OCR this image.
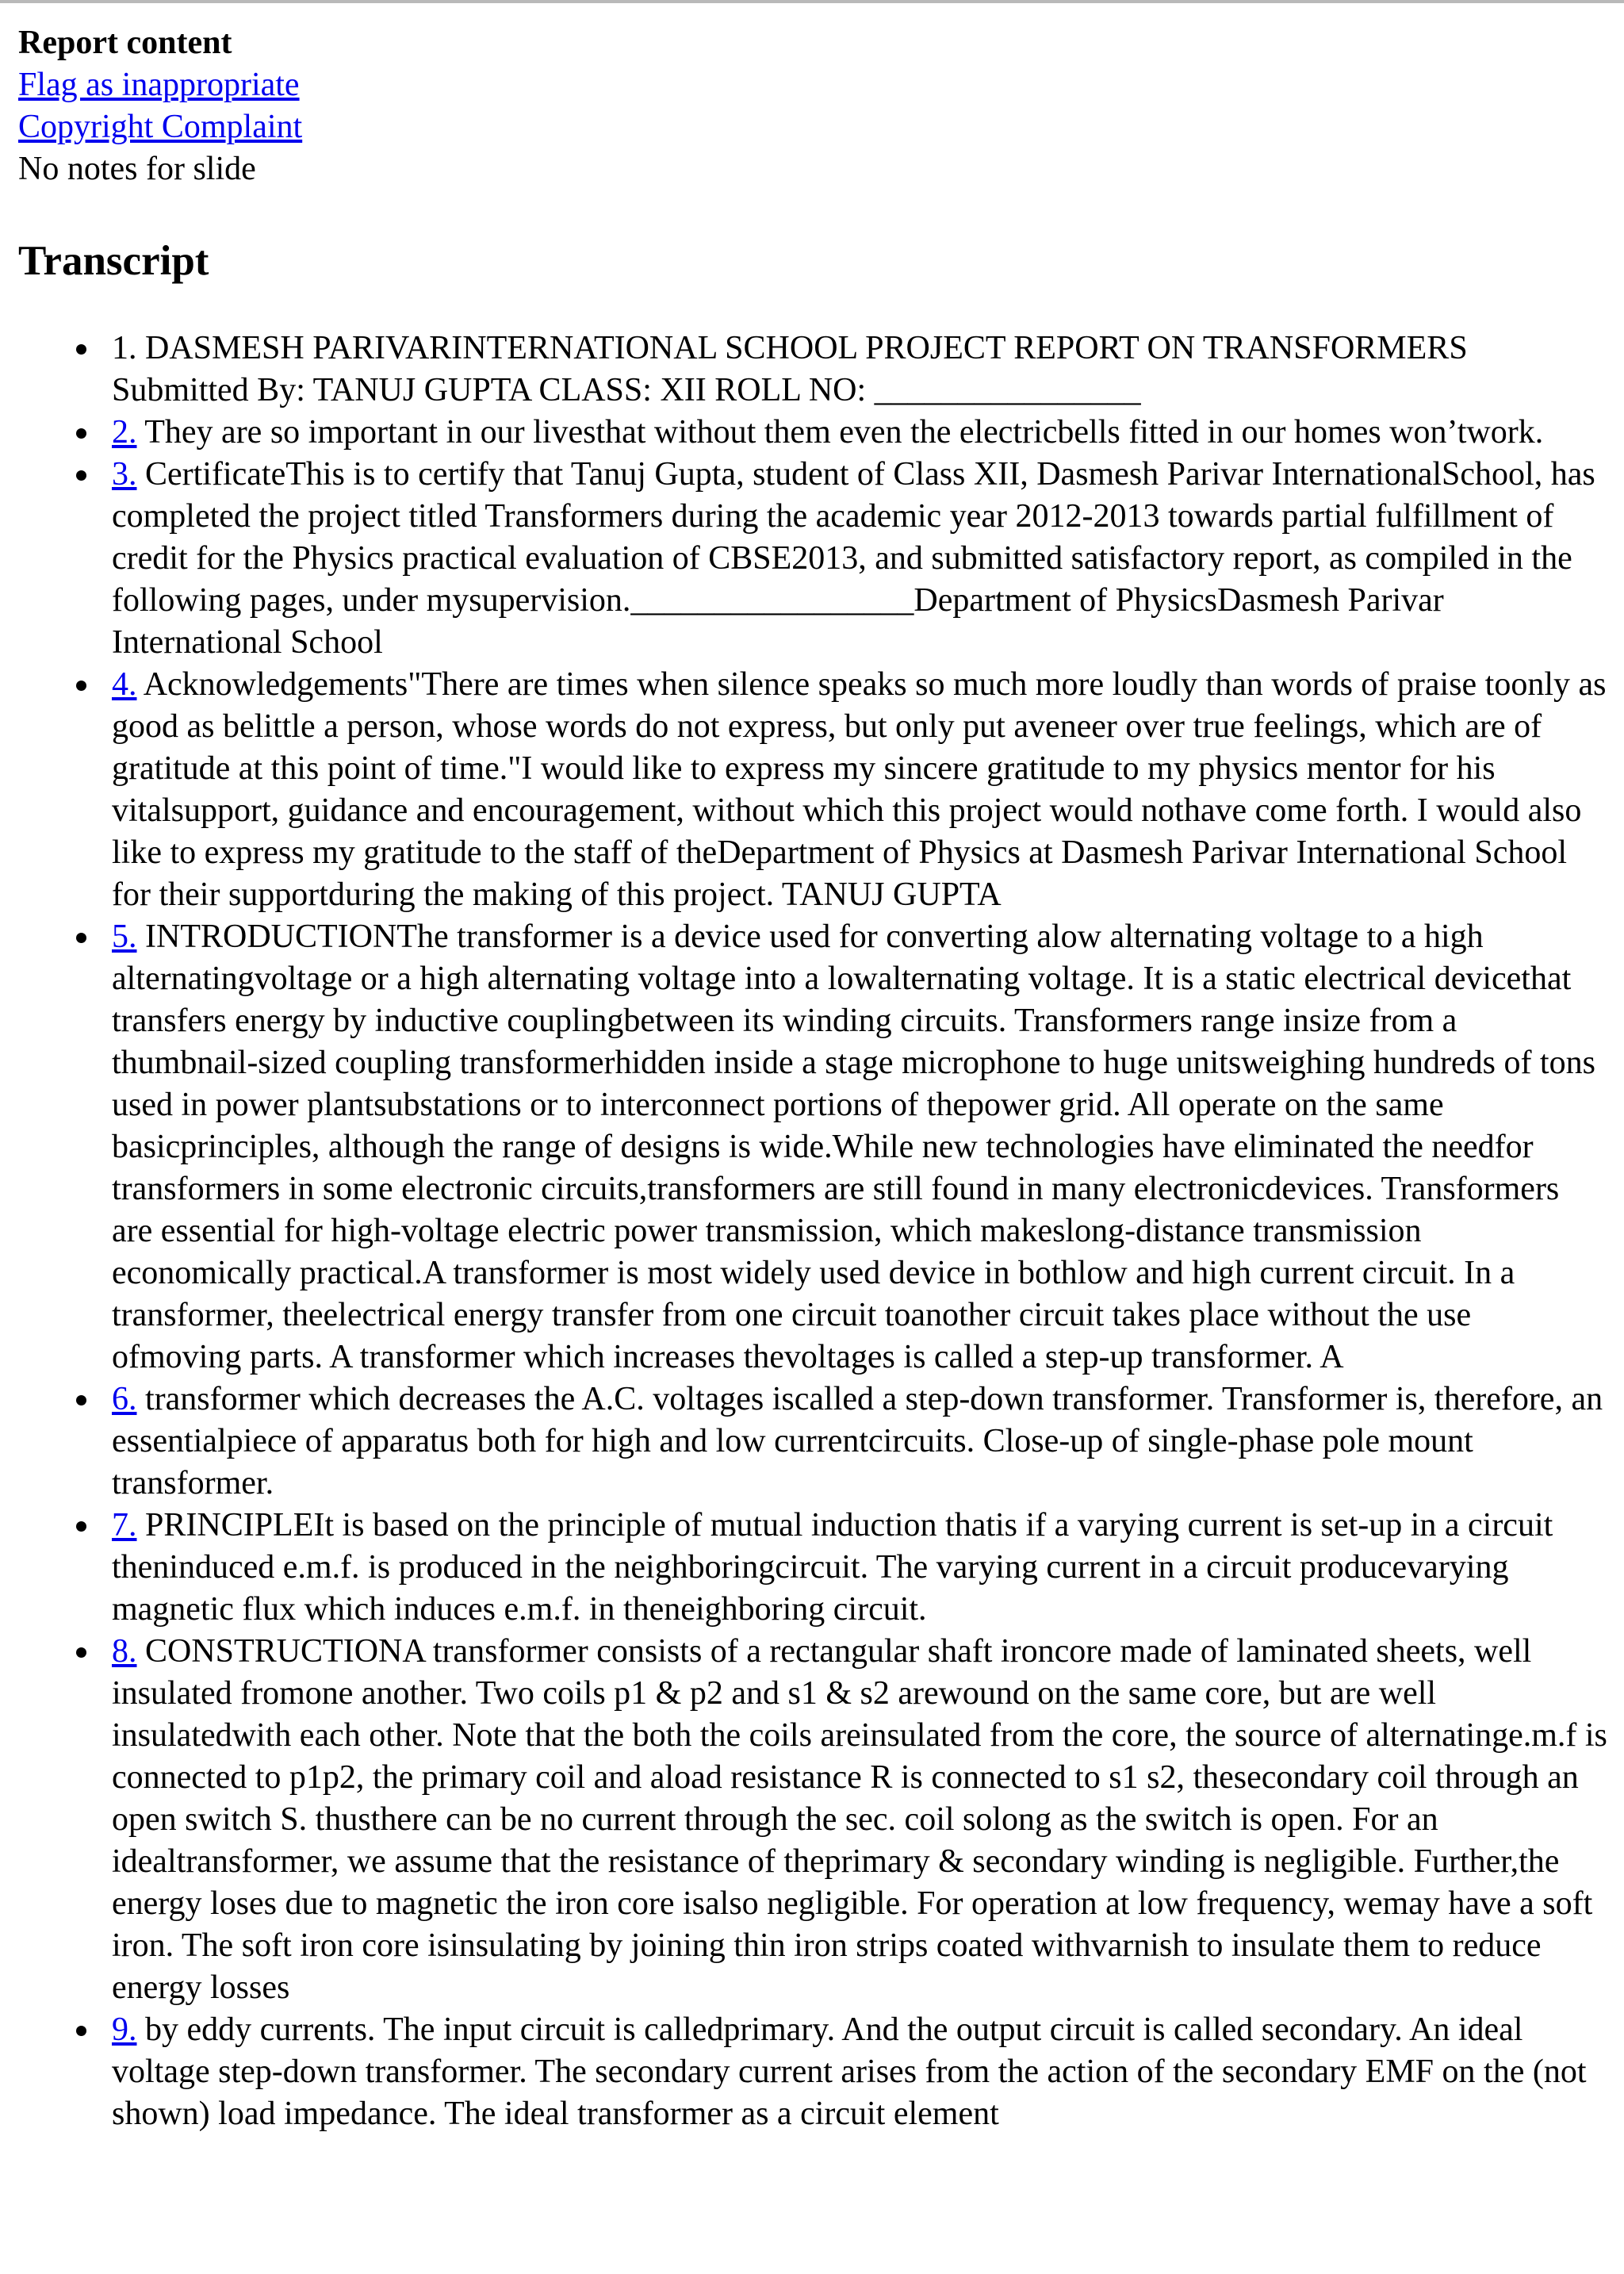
Report content
Flag as inappropriate
Copyright Complaint
No notes for slide
Transcript
1. DASMESH PARIVARINTERNATIONAL SCHOOL PROJECT REPORT ON TRANSFORMERS Submitted By: TANUJ GUPTA CLASS: XII ROLL NO: ________________
2. They are so important in our livesthat without them even the electricbells fitted in our homes won’twork.
3. CertificateThis is to certify that Tanuj Gupta, student of Class XII, Dasmesh Parivar InternationalSchool, has completed the project titled Transformers during the academic year 2012-2013 towards partial fulfillment of credit for the Physics practical evaluation of CBSE2013, and submitted satisfactory report, as compiled in the following pages, under mysupervision._________________Department of PhysicsDasmesh Parivar International School
4. Acknowledgements"There are times when silence speaks so much more loudly than words of praise toonly as good as belittle a person, whose words do not express, but only put aveneer over true feelings, which are of gratitude at this point of time."I would like to express my sincere gratitude to my physics mentor for his vitalsupport, guidance and encouragement, without which this project would nothave come forth. I would also like to express my gratitude to the staff of theDepartment of Physics at Dasmesh Parivar International School for their supportduring the making of this project. TANUJ GUPTA
5. INTRODUCTIONThe transformer is a device used for converting alow alternating voltage to a high alternatingvoltage or a high alternating voltage into a lowalternating voltage. It is a static electrical devicethat transfers energy by inductive couplingbetween its winding circuits. Transformers range insize from a thumbnail-sized coupling transformerhidden inside a stage microphone to huge unitsweighing hundreds of tons used in power plantsubstations or to interconnect portions of thepower grid. All operate on the same basicprinciples, although the range of designs is wide.While new technologies have eliminated the needfor transformers in some electronic circuits,transformers are still found in many electronicdevices. Transformers are essential for high-voltage electric power transmission, which makeslong-distance transmission economically practical.A transformer is most widely used device in bothlow and high current circuit. In a transformer, theelectrical energy transfer from one circuit toanother circuit takes place without the use ofmoving parts. A transformer which increases thevoltages is called a step-up transformer. A
6. transformer which decreases the A.C. voltages iscalled a step-down transformer. Transformer is, therefore, an essentialpiece of apparatus both for high and low currentcircuits. Close-up of single-phase pole mount transformer.
7. PRINCIPLEIt is based on the principle of mutual induction thatis if a varying current is set-up in a circuit theninduced e.m.f. is produced in the neighboringcircuit. The varying current in a circuit producevarying magnetic flux which induces e.m.f. in theneighboring circuit.
8. CONSTRUCTIONA transformer consists of a rectangular shaft ironcore made of laminated sheets, well insulated fromone another. Two coils p1 & p2 and s1 & s2 arewound on the same core, but are well insulatedwith each other. Note that the both the coils areinsulated from the core, the source of alternatinge.m.f is connected to p1p2, the primary coil and aload resistance R is connected to s1 s2, thesecondary coil through an open switch S. thusthere can be no current through the sec. coil solong as the switch is open. For an idealtransformer, we assume that the resistance of theprimary & secondary winding is negligible. Further,the energy loses due to magnetic the iron core isalso negligible. For operation at low frequency, wemay have a soft iron. The soft iron core isinsulating by joining thin iron strips coated withvarnish to insulate them to reduce energy losses
9. by eddy currents. The input circuit is calledprimary. And the output circuit is called secondary. An ideal voltage step-down transformer. The secondary current arises from the action of the secondary EMF on the (not shown) load impedance. The ideal transformer as a circuit element
